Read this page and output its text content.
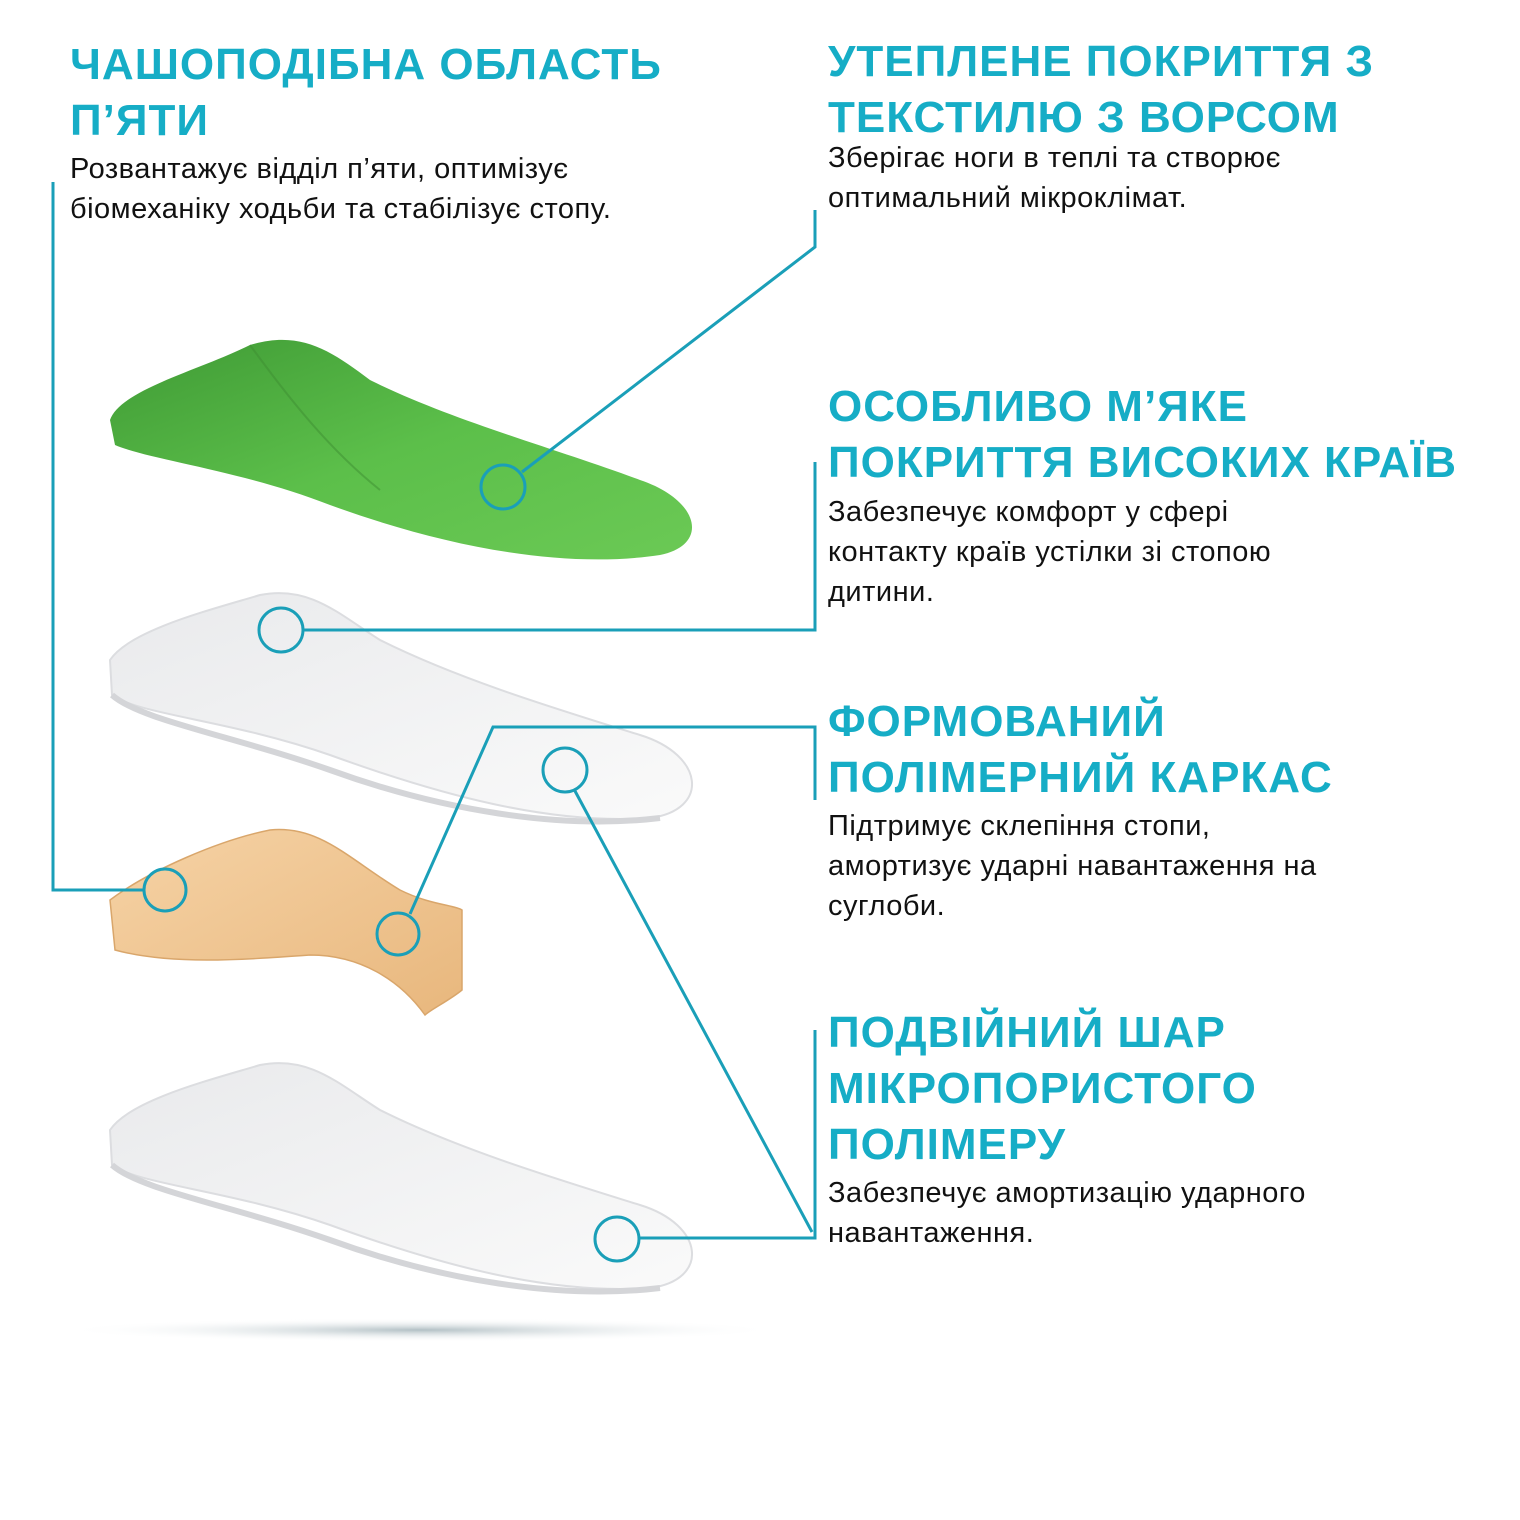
ЧАШОПОДІБНА ОБЛАСТЬ
П’ЯТИ

Розвантажує відділ п’яти, оптимізує
біомеханіку ходьби та стабілізує стопу.

УТЕПЛЕНЕ ПОКРИТТЯ З
ТЕКСТИЛЮ З ВОРСОМ

Зберігає ноги в теплі та створює
оптимальний мікроклімат.

ОСОБЛИВО М’ЯКЕ
ПОКРИТТЯ ВИСОКИХ КРАЇВ

Забезпечує комфорт у сфері
контакту країв устілки зі стопою
дитини.

ФОРМОВАНИЙ
ПОЛІМЕРНИЙ КАРКАС

Підтримує склепіння стопи,
амортизує ударні навантаження на
суглоби.

ПОДВІЙНИЙ ШАР
МІКРОПОРИСТОГО
ПОЛІМЕРУ

Забезпечує амортизацію ударного
навантаження.
